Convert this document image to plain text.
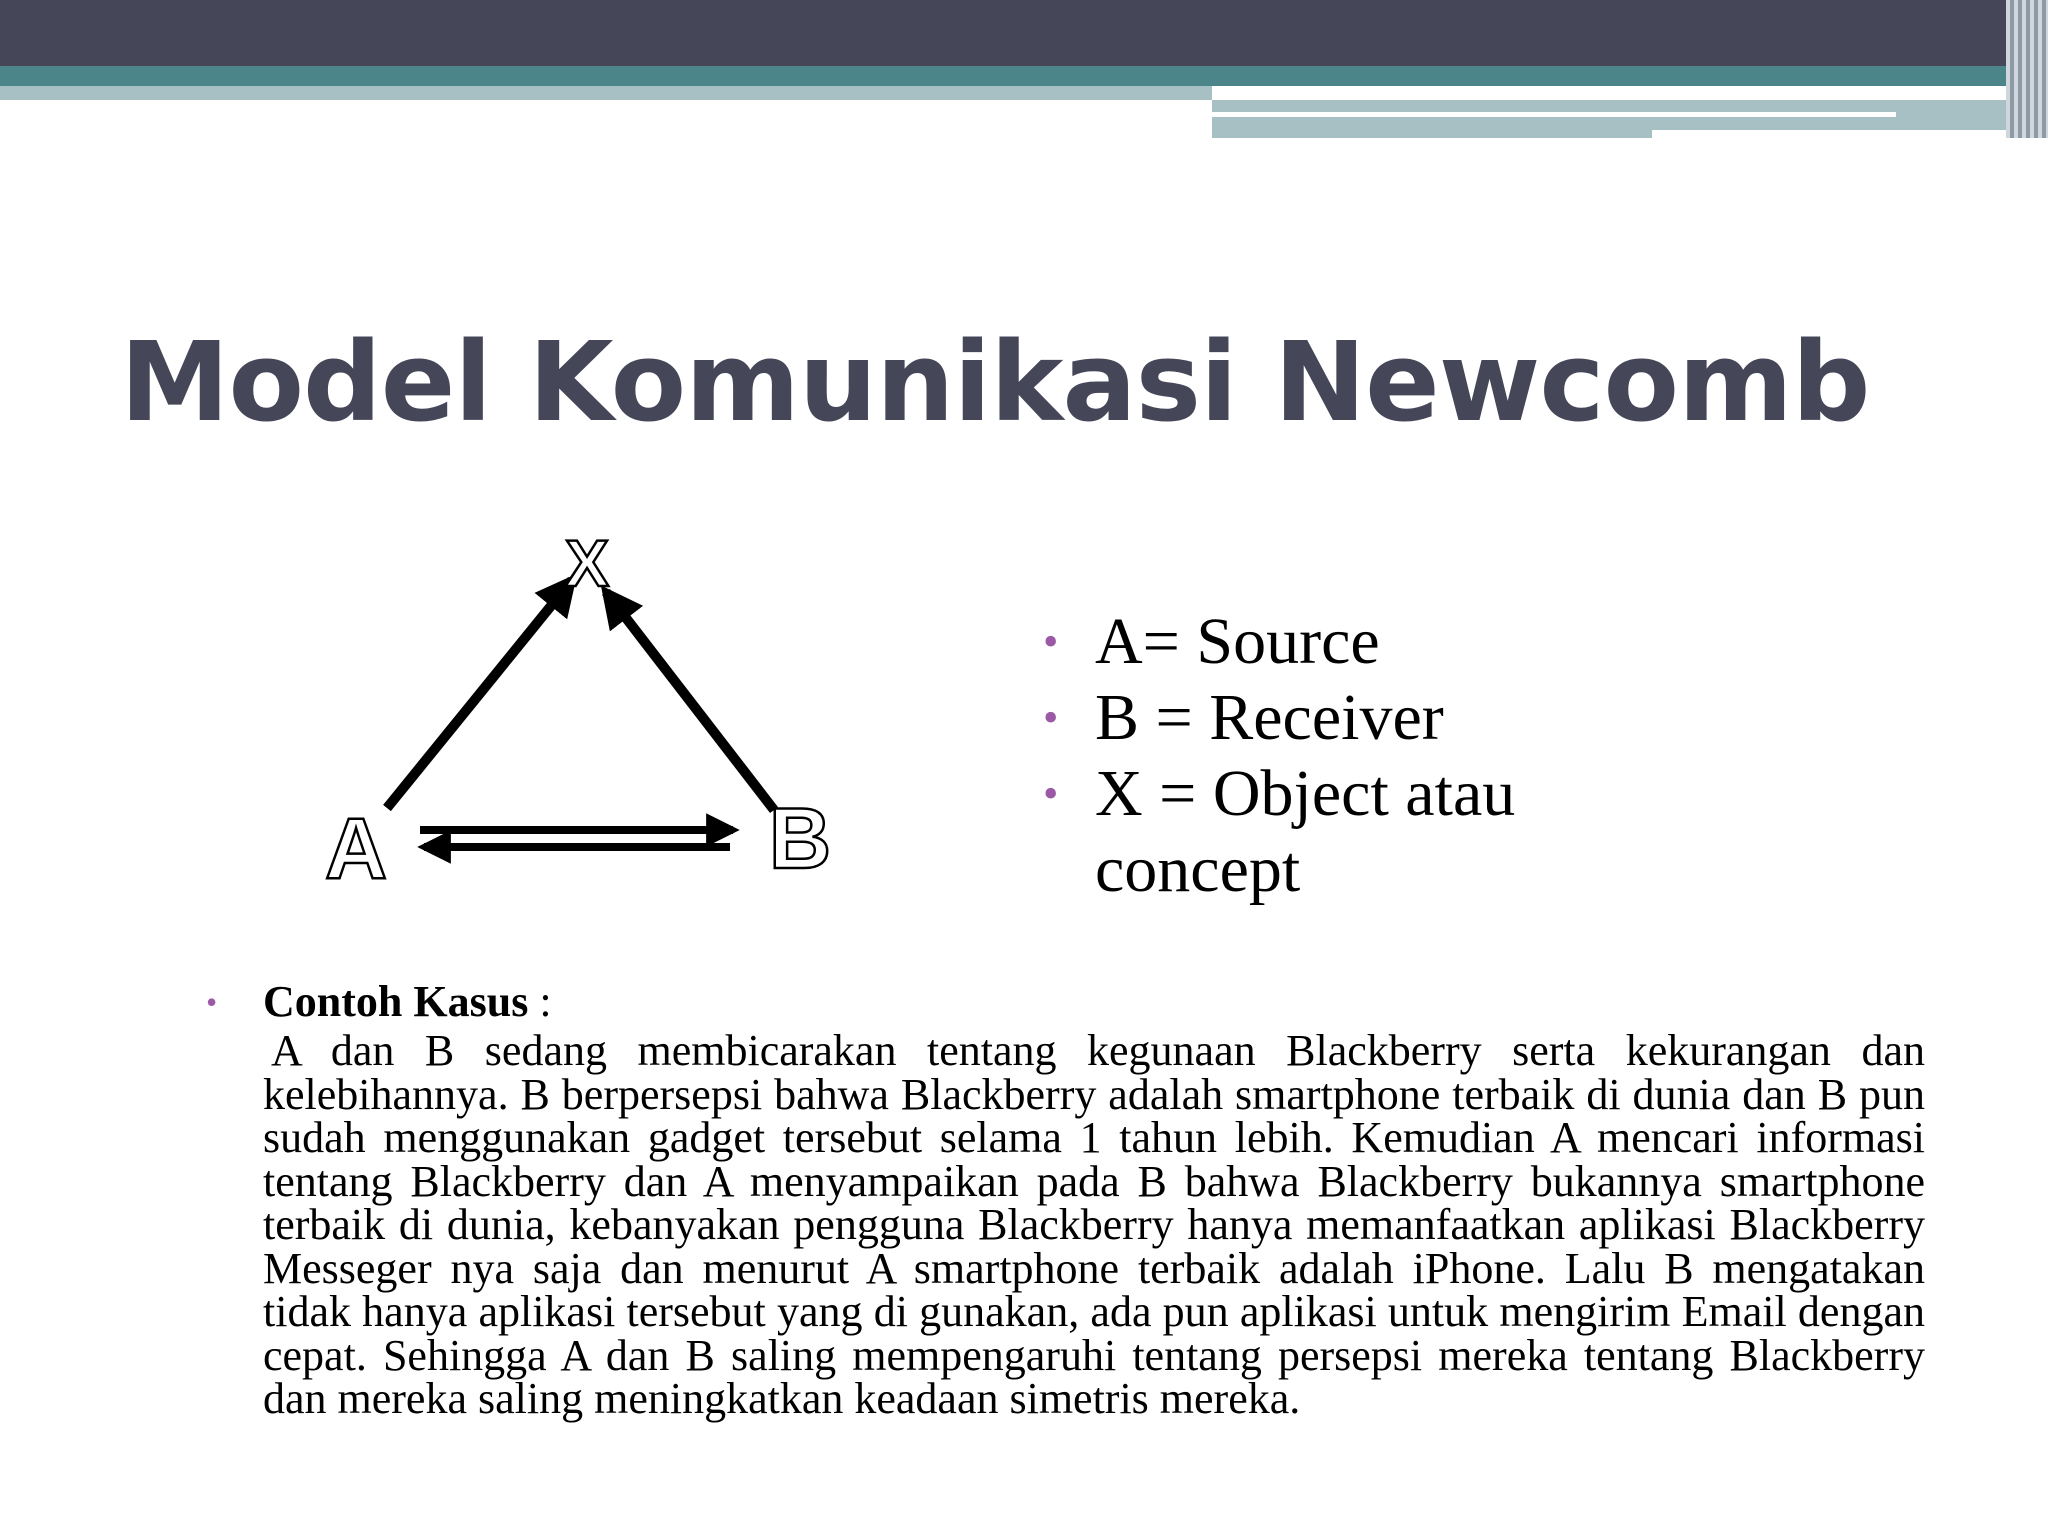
Model Komunikasi Newcomb
X
A	B
• A= Source
• B = Receiver
• X = Object atau concept
• Contoh Kasus :

A dan B sedang membicarakan tentang kegunaan Blackberry serta kekurangan dan kelebihannya. B berpersepsi bahwa Blackberry adalah smartphone terbaik di dunia dan B pun sudah menggunakan gadget tersebut selama 1 tahun lebih. Kemudian A mencari informasi tentang Blackberry dan A menyampaikan pada B bahwa Blackberry bukannya smartphone terbaik di dunia, kebanyakan pengguna Blackberry hanya memanfaatkan aplikasi Blackberry Messeger nya saja dan menurut A smartphone terbaik adalah iPhone. Lalu B mengatakan tidak hanya aplikasi tersebut yang di gunakan, ada pun aplikasi untuk mengirim Email dengan cepat. Sehingga A dan B saling mempengaruhi tentang persepsi mereka tentang Blackberry dan mereka saling meningkatkan keadaan simetris mereka.
